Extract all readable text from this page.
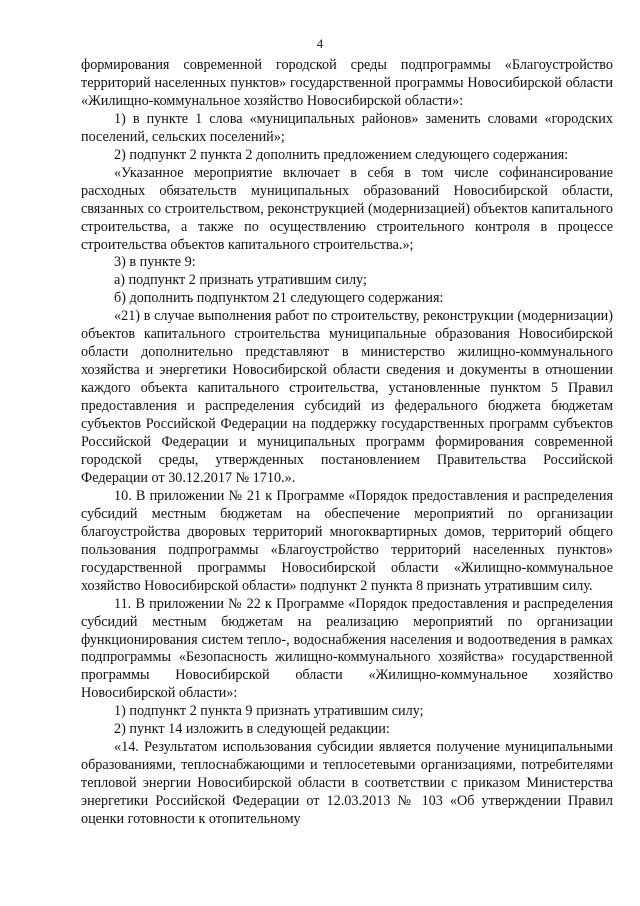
4

формирования современной городской среды подпрограммы «Благоустройство территорий населенных пунктов» государственной программы Новосибирской области «Жилищно-коммунальное хозяйство Новосибирской области»:

1) в пункте 1 слова «муниципальных районов» заменить словами «городских поселений, сельских поселений»;

2) подпункт 2 пункта 2 дополнить предложением следующего содержания:

«Указанное мероприятие включает в себя в том числе софинансирование расходных обязательств муниципальных образований Новосибирской области, связанных со строительством, реконструкцией (модернизацией) объектов капитального строительства, а также по осуществлению строительного контроля в процессе строительства объектов капитального строительства.»;

3) в пункте 9:

а) подпункт 2 признать утратившим силу;

б) дополнить подпунктом 21 следующего содержания:

«21) в случае выполнения работ по строительству, реконструкции (модернизации) объектов капитального строительства муниципальные образования Новосибирской области дополнительно представляют в министерство жилищно-коммунального хозяйства и энергетики Новосибирской области сведения и документы в отношении каждого объекта капитального строительства, установленные пунктом 5 Правил предоставления и распределения субсидий из федерального бюджета бюджетам субъектов Российской Федерации на поддержку государственных программ субъектов Российской Федерации и муниципальных программ формирования современной городской среды, утвержденных постановлением Правительства Российской Федерации от 30.12.2017 № 1710.».

10. В приложении № 21 к Программе «Порядок предоставления и распределения субсидий местным бюджетам на обеспечение мероприятий по организации благоустройства дворовых территорий многоквартирных домов, территорий общего пользования подпрограммы «Благоустройство территорий населенных пунктов» государственной программы Новосибирской области «Жилищно-коммунальное хозяйство Новосибирской области» подпункт 2 пункта 8 признать утратившим силу.

11. В приложении № 22 к Программе «Порядок предоставления и распределения субсидий местным бюджетам на реализацию мероприятий по организации функционирования систем тепло-, водоснабжения населения и водоотведения в рамках подпрограммы «Безопасность жилищно-коммунального хозяйства» государственной программы Новосибирской области «Жилищно-коммунальное хозяйство Новосибирской области»:

1) подпункт 2 пункта 9 признать утратившим силу;

2) пункт 14 изложить в следующей редакции:

«14. Результатом использования субсидии является получение муниципальными образованиями, теплоснабжающими и теплосетевыми организациями, потребителями тепловой энергии Новосибирской области в соответствии с приказом Министерства энергетики Российской Федерации от 12.03.2013 № 103 «Об утверждении Правил оценки готовности к отопительному
